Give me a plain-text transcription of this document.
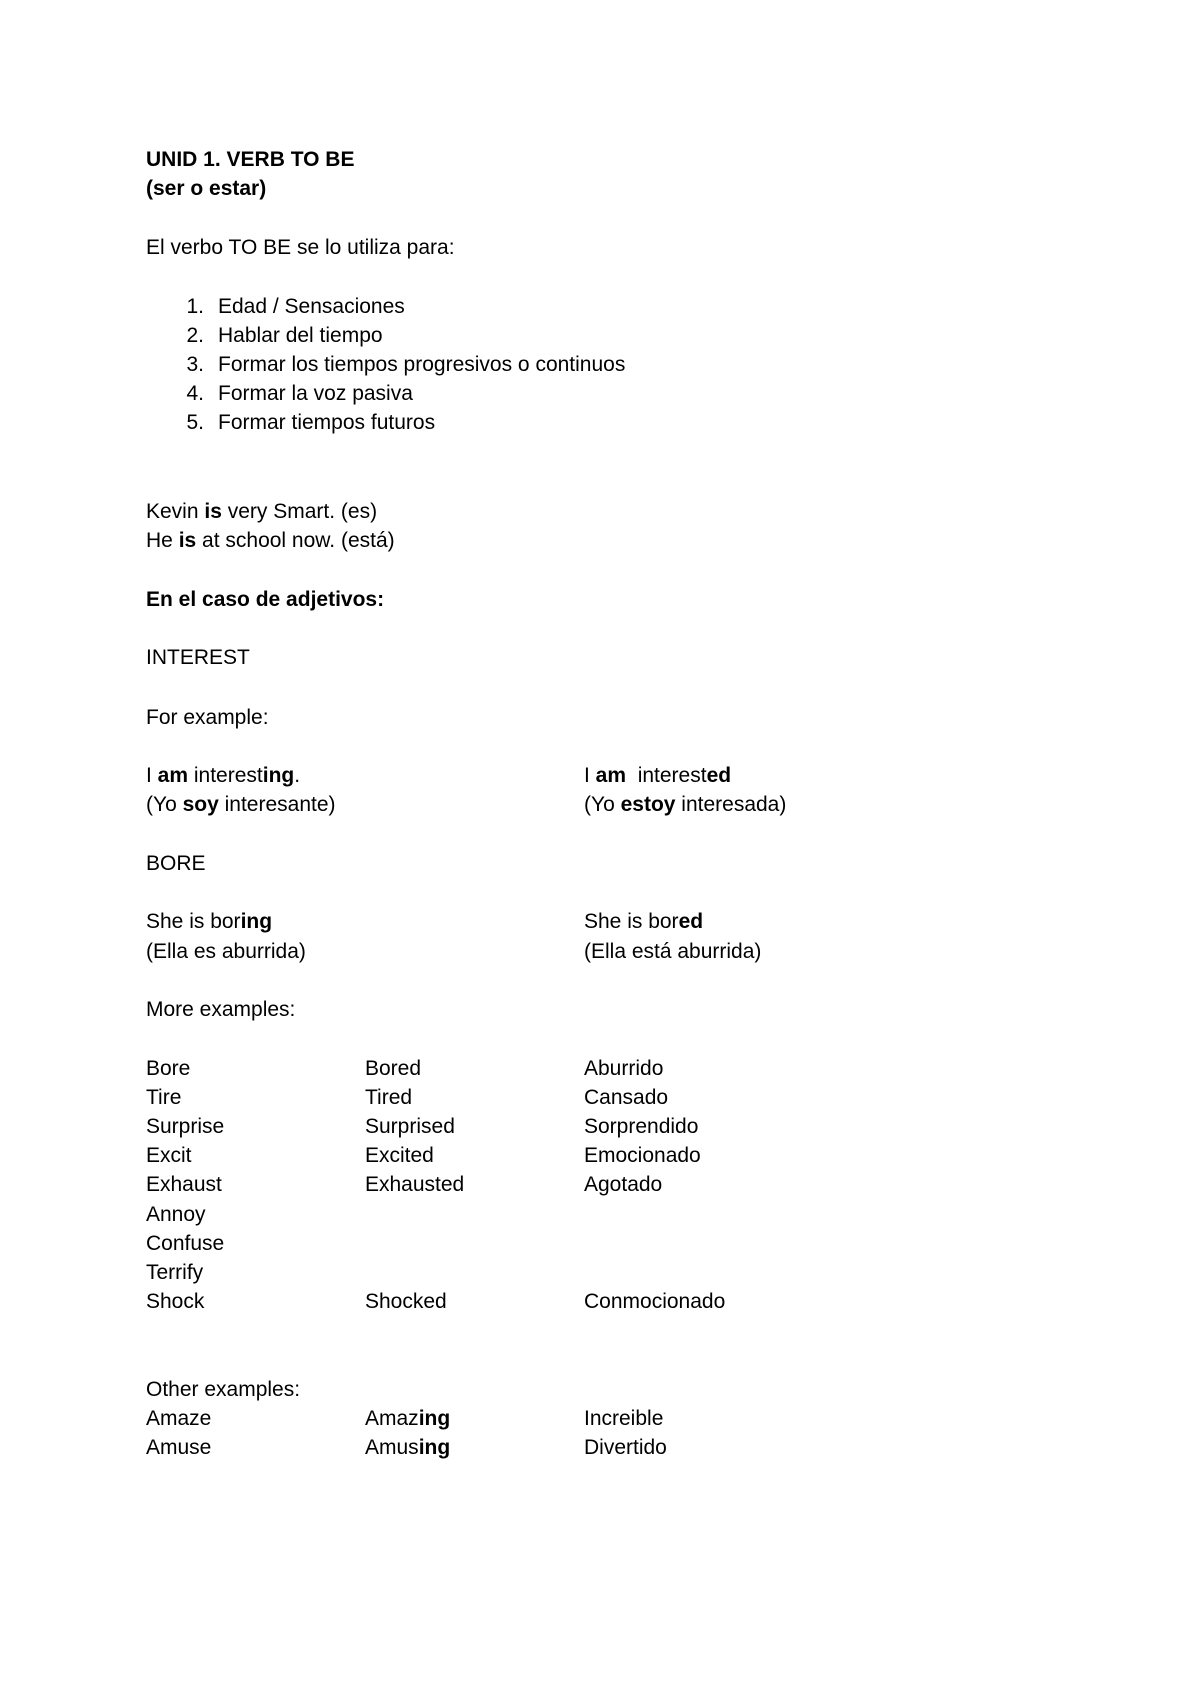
UNID 1. VERB TO BE
(ser o estar)
El verbo TO BE se lo utiliza para:
1. Edad / Sensaciones
2. Hablar del tiempo
3. Formar los tiempos progresivos o continuos
4. Formar la voz pasiva
5. Formar tiempos futuros
Kevin is very Smart. (es)
He is at school now. (está)
En el caso de adjetivos:
INTEREST
For example:
I am interesting.
(Yo soy interesante)
I am  interested
(Yo estoy interesada)
BORE
She is boring
(Ella es aburrida)
She is bored
(Ella está aburrida)
More examples:
Bore	Bored	Aburrido
Tire	Tired	Cansado
Surprise	Surprised	Sorprendido
Excit	Excited	Emocionado
Exhaust	Exhausted	Agotado
Annoy
Confuse
Terrify
Shock	Shocked	Conmocionado
Other examples:
Amaze	Amazing	Increible
Amuse	Amusing	Divertido
